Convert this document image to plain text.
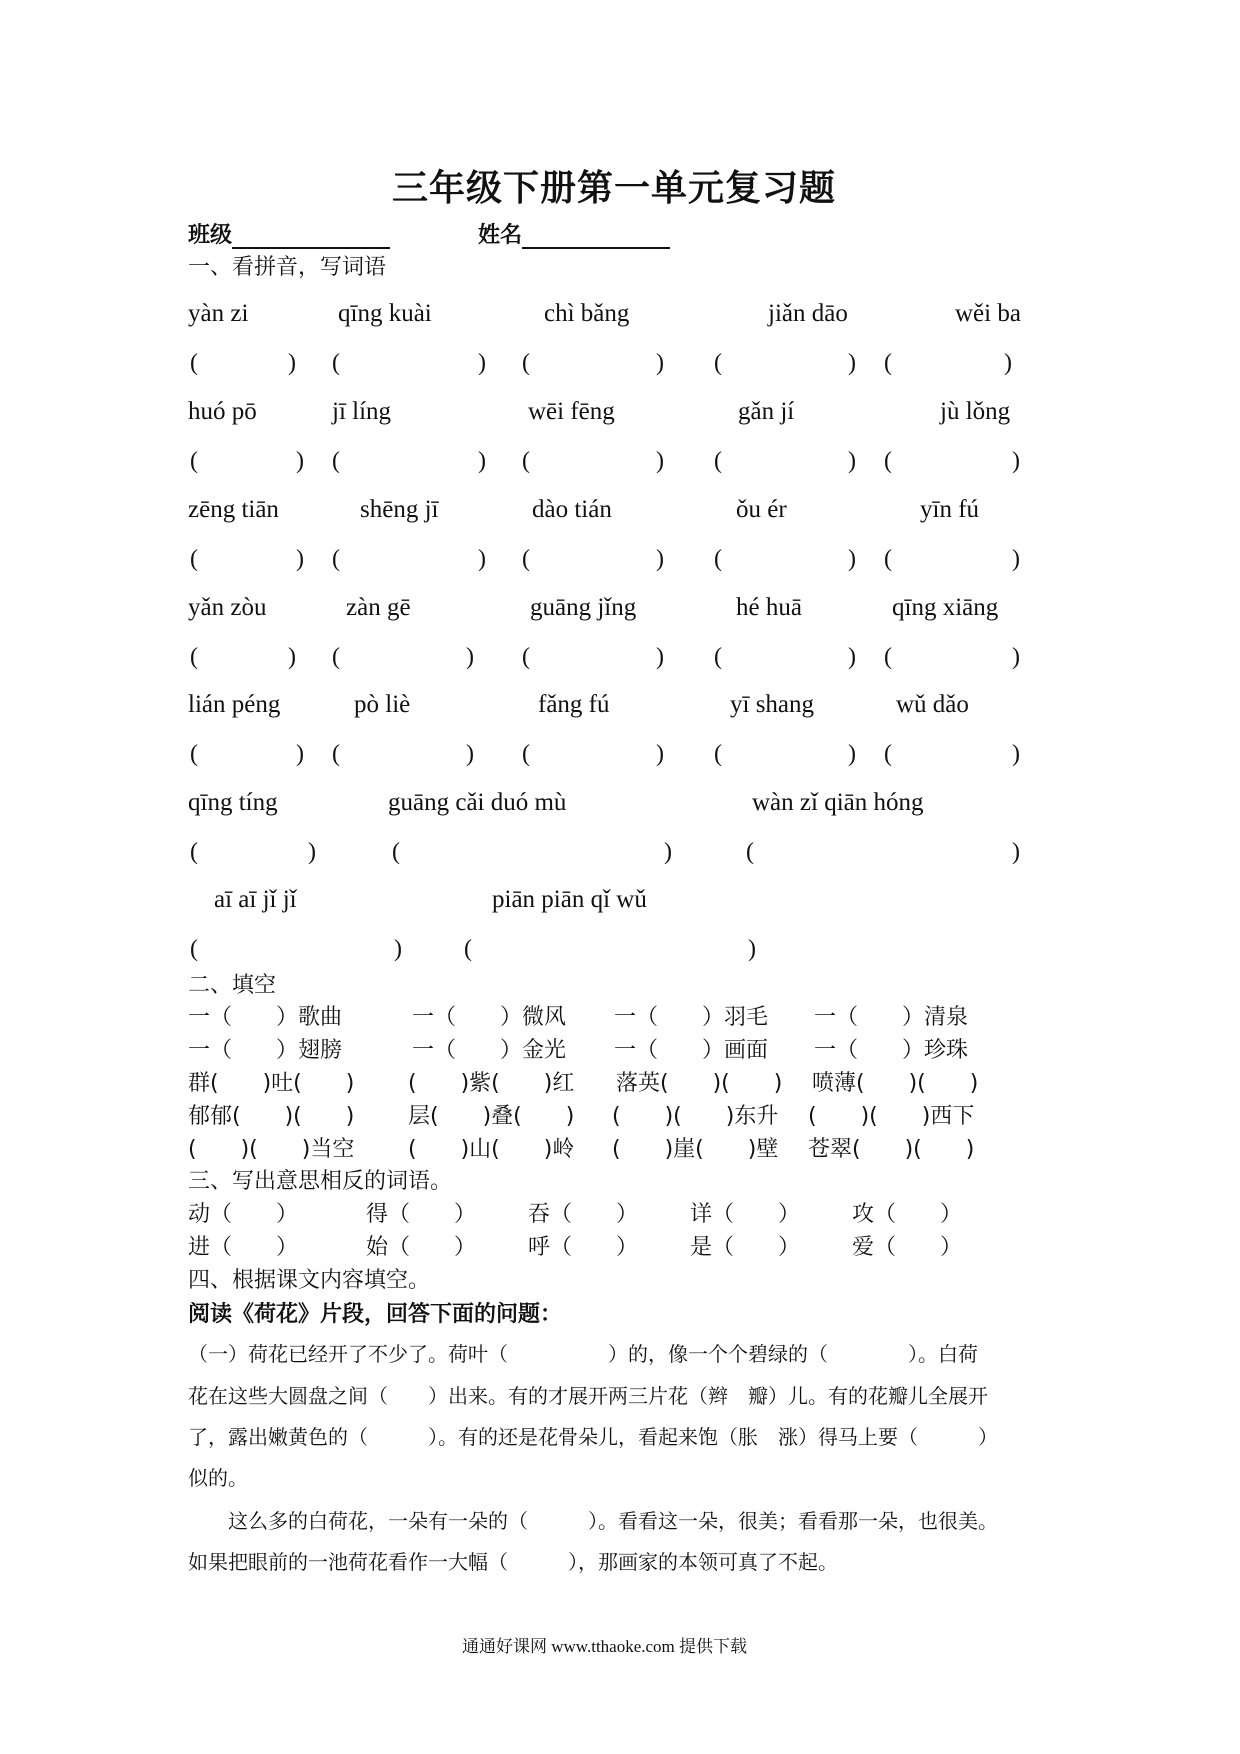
三年级下册第一单元复习题
班级	姓名
一、看拼音，写词语
yàn zi	qīng kuài	chì bǎng	jiǎn dāo	wěi ba
(	) (	) (	) (	) (	)
huó pō	jī líng	wēi fēng	gǎn jí	jù lǒng
(	) (	) (	) (	) (	)
zēng tiān	shēng jī	dào tián	ǒu ér	yīn fú
(	) (	) (	) (	) (	)
yǎn zòu	zàn gē	guāng jǐng	hé huā	qīng xiāng
(	) (	) (	) (	) (	)
lián péng	pò liè	fǎng fú	yī shang	wǔ dǎo
(	) (	) (	) (	) (	)
qīng tíng	guāng cǎi duó mù	wàn zǐ qiān hóng
(	)	(	)	(	)
aī aī jǐ jǐ	piān piān qǐ wǔ
(	)	(	)
二、填空
一（　　）歌曲	一（　　）微风 一（　　）羽毛 一（　　）清泉
一（　　）翅膀	一（　　）金光 一（　　）画面 一（　　）珍珠
群(　　)吐(　　) (　　)紫(　　)红 落英(　　)(　　) 喷薄(　　)(　　)
郁郁(　　)(　　) 层(　　)叠(　　) (　　)(　　)东升 (　　)(　　)西下
(　　)(　　)当空 (　　)山(　　)岭 (　　)崖(　　)壁 苍翠(　　)(　　)
三、写出意思相反的词语。
动（　　）	得（　　） 吞（　　） 详（　　） 攻（　　）
进（　　）	始（　　） 呼（　　） 是（　　） 爱（　　）
四、根据课文内容填空。
阅读《荷花》片段，回答下面的问题：
（一）荷花已经开了不少了。荷叶（　　　　　）的，像一个个碧绿的（　　　　）。白荷
花在这些大圆盘之间（　　）出来。有的才展开两三片花（辫　瓣）儿。有的花瓣儿全展开
了，露出嫩黄色的（　　　）。有的还是花骨朵儿，看起来饱（胀　涨）得马上要（　　　）
似的。
　　这么多的白荷花，一朵有一朵的（　　　）。看看这一朵，很美；看看那一朵，也很美。
如果把眼前的一池荷花看作一大幅（　　　），那画家的本领可真了不起。
通通好课网 www.tthaoke.com 提供下载
